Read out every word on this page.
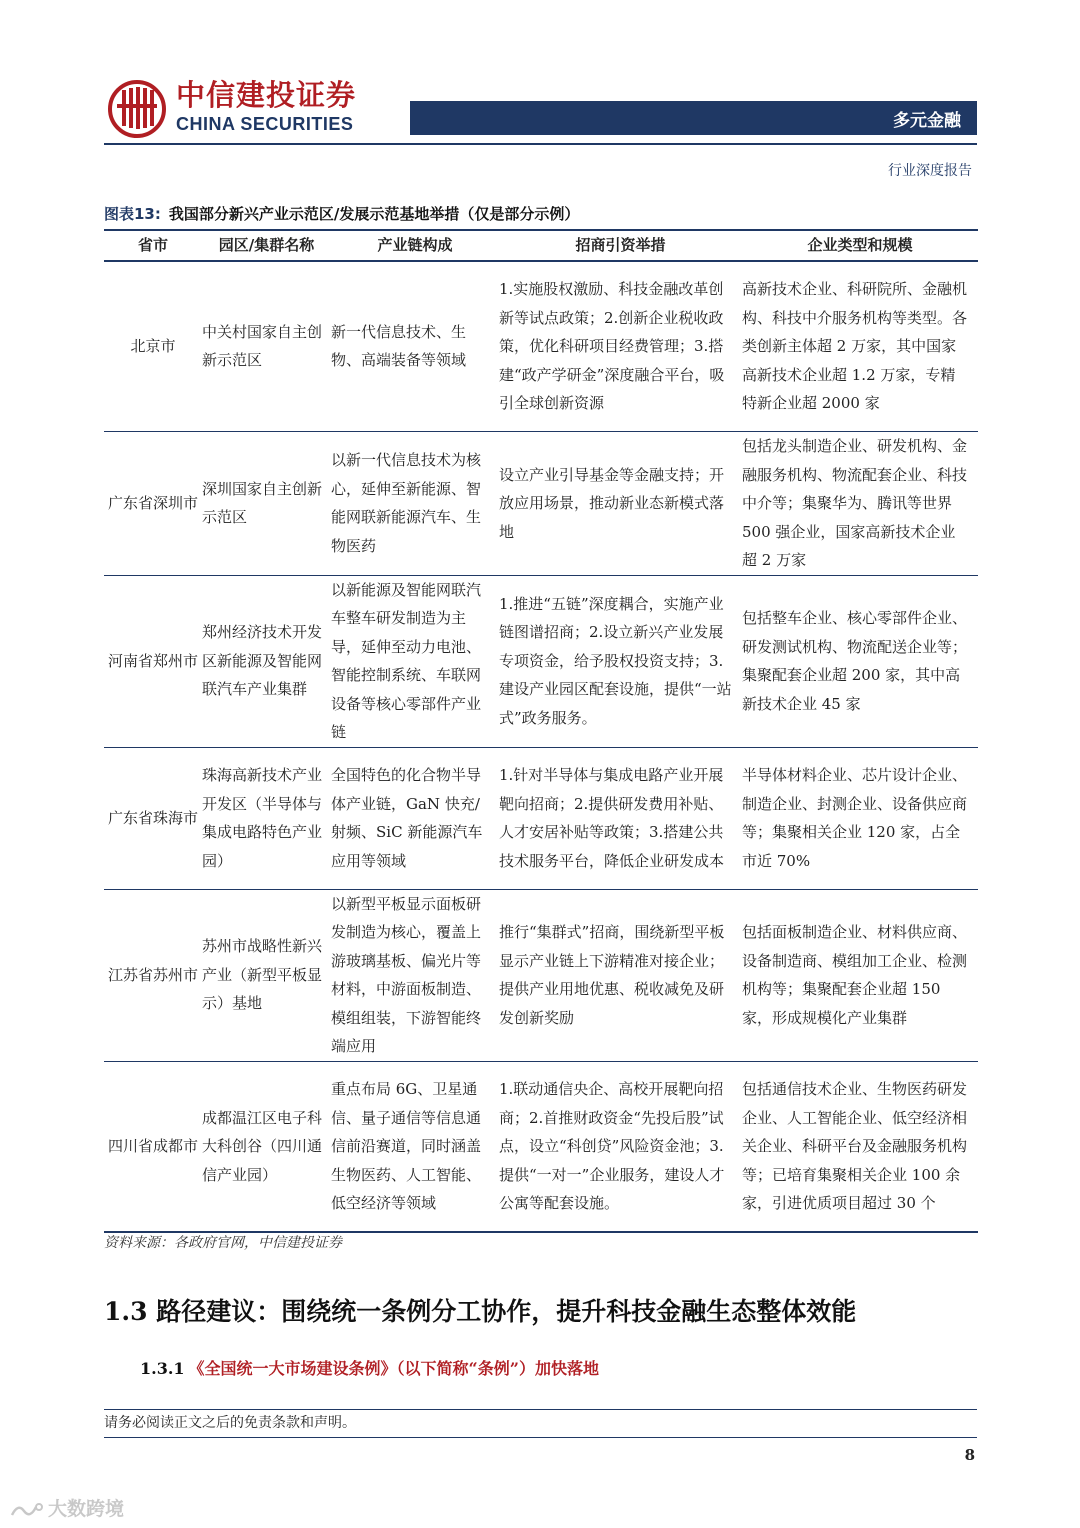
中信建投证券
CHINA SECURITIES	多元金融
行业深度报告
图表13: 我国部分新兴产业示范区/发展示范基地举措（仅是部分示例）
省市	园区/集群名称	产业链构成	招商引资举措	企业类型和规模
北京市	中关村国家自主创新示范区	新一代信息技术、生物、高端装备等领域	1.实施股权激励、科技金融改革创新等试点政策；2.创新企业税收政策，优化科研项目经费管理；3.搭建“政产学研金”深度融合平台，吸引全球创新资源	高新技术企业、科研院所、金融机构、科技中介服务机构等类型。各类创新主体超 2 万家，其中国家高新技术企业超 1.2 万家，专精特新企业超 2000 家
广东省深圳市	深圳国家自主创新示范区	以新一代信息技术为核心，延伸至新能源、智能网联新能源汽车、生物医药	设立产业引导基金等金融支持；开放应用场景，推动新业态新模式落地	包括龙头制造企业、研发机构、金融服务机构、物流配套企业、科技中介等；集聚华为、腾讯等世界 500 强企业，国家高新技术企业超 2 万家
河南省郑州市	郑州经济技术开发区新能源及智能网联汽车产业集群	以新能源及智能网联汽车整车研发制造为主导，延伸至动力电池、智能控制系统、车联网设备等核心零部件产业链	1.推进“五链”深度耦合，实施产业链图谱招商；2.设立新兴产业发展专项资金，给予股权投资支持；3.建设产业园区配套设施，提供“一站式”政务服务。	包括整车企业、核心零部件企业、研发测试机构、物流配送企业等；集聚配套企业超 200 家，其中高新技术企业 45 家
广东省珠海市	珠海高新技术产业开发区（半导体与集成电路特色产业园）	全国特色的化合物半导体产业链，GaN 快充/射频、SiC 新能源汽车应用等领域	1.针对半导体与集成电路产业开展靶向招商；2.提供研发费用补贴、人才安居补贴等政策；3.搭建公共技术服务平台，降低企业研发成本	半导体材料企业、芯片设计企业、制造企业、封测企业、设备供应商等；集聚相关企业 120 家，占全市近 70%
江苏省苏州市	苏州市战略性新兴产业（新型平板显示）基地	以新型平板显示面板研发制造为核心，覆盖上游玻璃基板、偏光片等材料，中游面板制造、模组组装，下游智能终端应用	推行“集群式”招商，围绕新型平板显示产业链上下游精准对接企业；提供产业用地优惠、税收减免及研发创新奖励	包括面板制造企业、材料供应商、设备制造商、模组加工企业、检测机构等；集聚配套企业超 150 家，形成规模化产业集群
四川省成都市	成都温江区电子科大科创谷（四川通信产业园）	重点布局 6G、卫星通信、量子通信等信息通信前沿赛道，同时涵盖生物医药、人工智能、低空经济等领域	1.联动通信央企、高校开展靶向招商；2.首推财政资金“先投后股”试点，设立“科创贷”风险资金池；3.提供“一对一”企业服务，建设人才公寓等配套设施。	包括通信技术企业、生物医药研发企业、人工智能企业、低空经济相关企业、科研平台及金融服务机构等；已培育集聚相关企业 100 余家，引进优质项目超过 30 个
资料来源：各政府官网，中信建投证券
1.3 路径建议：围绕统一条例分工协作，提升科技金融生态整体效能
1.3.1 《全国统一大市场建设条例》（以下简称“条例”）加快落地
请务必阅读正文之后的免责条款和声明。
8
大数跨境
